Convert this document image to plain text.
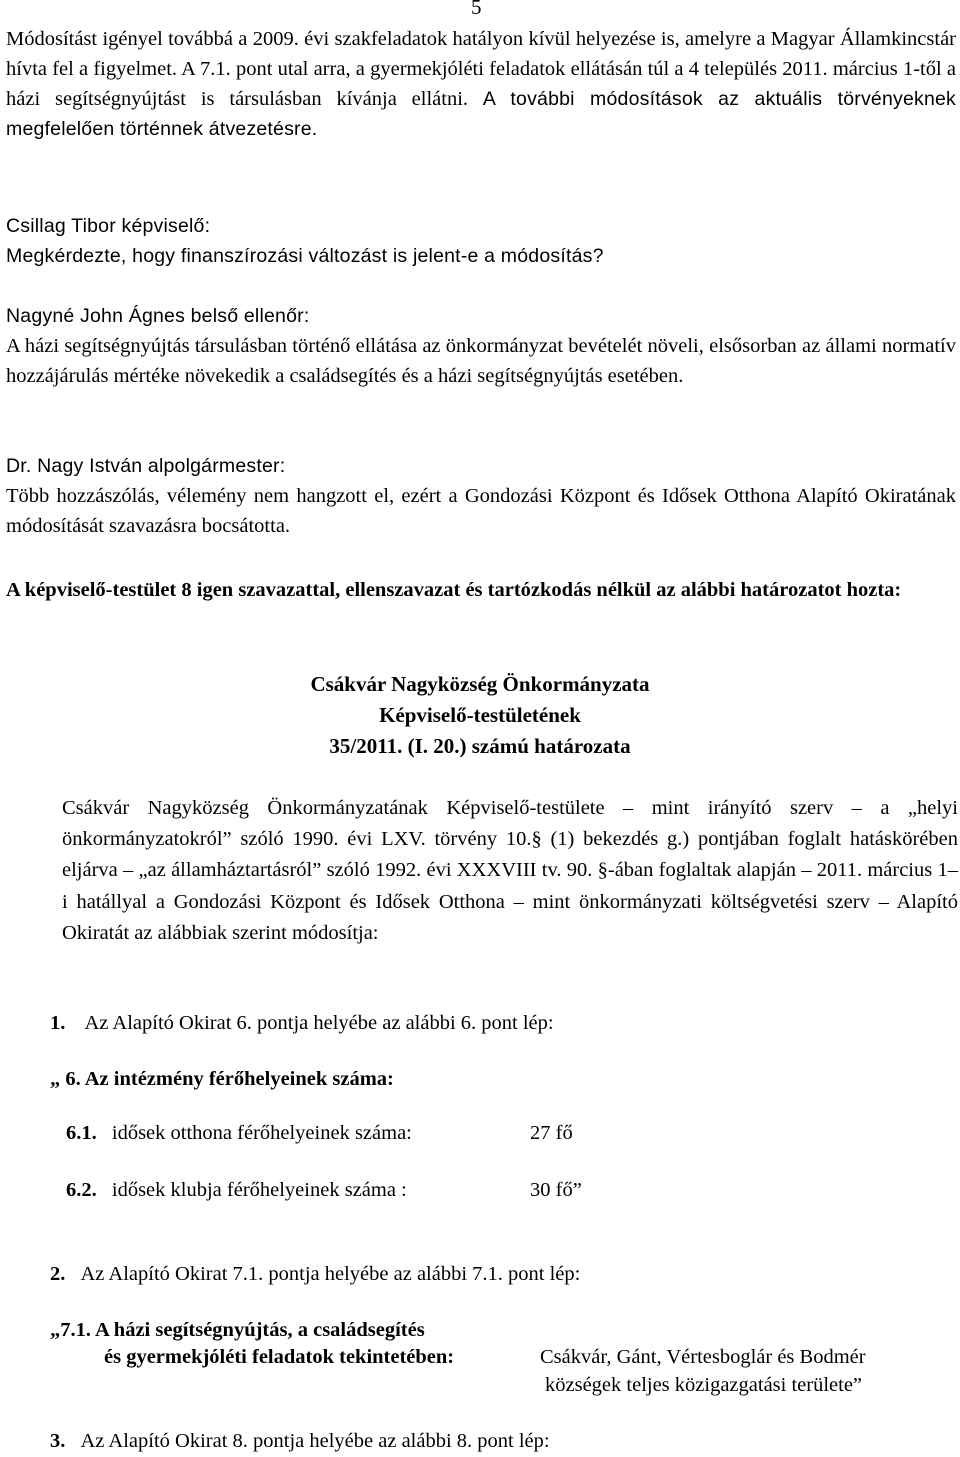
5
Módosítást igényel továbbá a 2009. évi szakfeladatok hatályon kívül helyezése is, amelyre a Magyar Államkincstár hívta fel a figyelmet. A 7.1. pont utal arra, a gyermekjóléti feladatok ellátásán túl a 4 település 2011. március 1-től a házi segítségnyújtást is társulásban kívánja ellátni. A további módosítások az aktuális törvényeknek megfelelően történnek átvezetésre.
Csillag Tibor képviselő:
Megkérdezte, hogy finanszírozási változást is jelent-e a módosítás?
Nagyné John Ágnes belső ellenőr:
A házi segítségnyújtás társulásban történő ellátása az önkormányzat bevételét növeli, elsősorban az állami normatív hozzájárulás mértéke növekedik a családsegítés és a házi segítségnyújtás esetében.
Dr. Nagy István alpolgármester:
Több hozzászólás, vélemény nem hangzott el, ezért a Gondozási Központ és Idősek Otthona Alapító Okiratának módosítását szavazásra bocsátotta.
A képviselő-testület 8 igen szavazattal, ellenszavazat és tartózkodás nélkül az alábbi határozatot hozta:
Csákvár Nagyközség Önkormányzata
Képviselő-testületének
35/2011. (I. 20.) számú határozata
Csákvár Nagyközség Önkormányzatának Képviselő-testülete – mint irányító szerv – a „helyi önkormányzatokról” szóló 1990. évi LXV. törvény 10.§ (1) bekezdés g.) pontjában foglalt hatáskörében eljárva – „az államháztartásról” szóló 1992. évi XXXVIII tv. 90. §-ában foglaltak alapján – 2011. március 1–i hatállyal a Gondozási Központ és Idősek Otthona – mint önkormányzati költségvetési szerv – Alapító Okiratát az alábbiak szerint módosítja:
1. Az Alapító Okirat 6. pontja helyébe az alábbi 6. pont lép:
„ 6. Az intézmény férőhelyeinek száma:
6.1. idősek otthona férőhelyeinek száma:	27 fő
6.2. idősek klubja férőhelyeinek száma :	30 fő”
2. Az Alapító Okirat 7.1. pontja helyébe az alábbi 7.1. pont lép:
„7.1. A házi segítségnyújtás, a családsegítés
és gyermekjóléti feladatok tekintetében:	Csákvár, Gánt, Vértesboglár és Bodmér
községek teljes közigazgatási területe”
3. Az Alapító Okirat 8. pontja helyébe az alábbi 8. pont lép:
